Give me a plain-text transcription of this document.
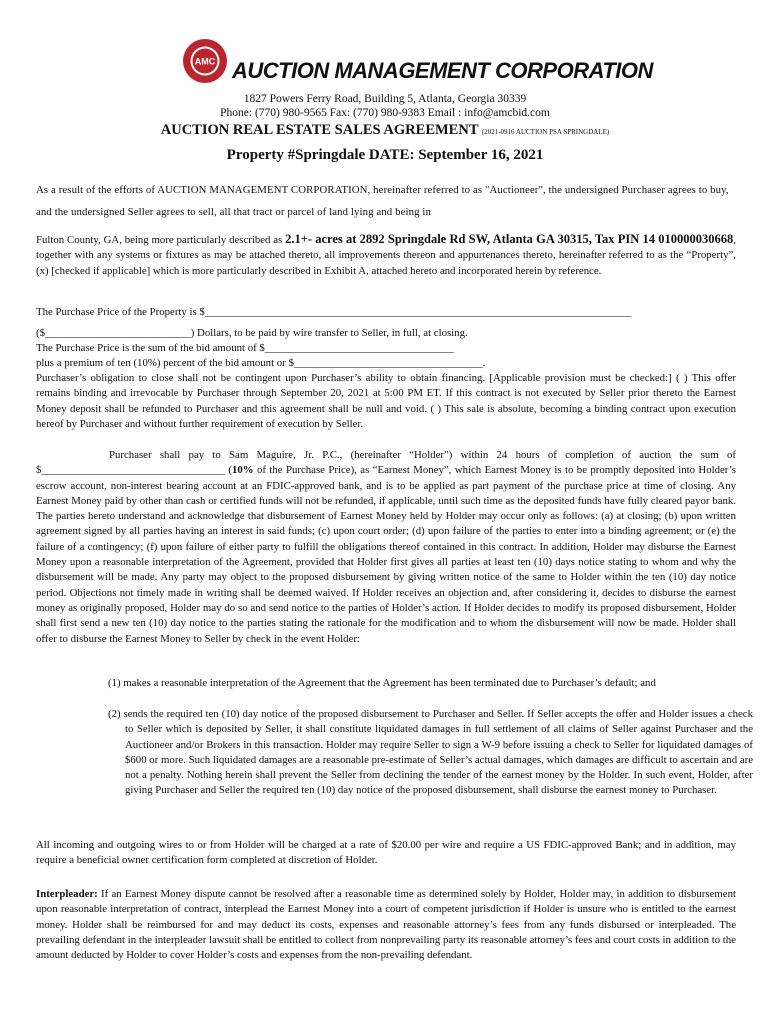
AMC AUCTION MANAGEMENT CORPORATION
1827 Powers Ferry Road, Building 5, Atlanta, Georgia 30339
Phone: (770) 980-9565 Fax: (770) 980-9383 Email : info@amcbid.com
AUCTION REAL ESTATE SALES AGREEMENT (2021-0916 AUCTION PSA SPRINGDALE)
Property #Springdale DATE: September 16, 2021

As a result of the efforts of AUCTION MANAGEMENT CORPORATION, hereinafter referred to as "Auctioneer", the undersigned Purchaser agrees to buy, and the undersigned Seller agrees to sell, all that tract or parcel of land lying and being in

Fulton County, GA, being more particularly described as 2.1+- acres at 2892 Springdale Rd SW, Atlanta GA 30315, Tax PIN 14 010000030668, together with any systems or fixtures as may be attached thereto, all improvements thereon and appurtenances thereto, hereinafter referred to as the “Property”, (x) [checked if applicable] which is more particularly described in Exhibit A, attached hereto and incorporated herein by reference.

The Purchase Price of the Property is $_______________________________________________________________________________

($___________________________) Dollars, to be paid by wire transfer to Seller, in full, at closing.

The Purchase Price is the sum of the bid amount of $___________________________________

plus a premium of ten (10%) percent of the bid amount or $___________________________________.

Purchaser’s obligation to close shall not be contingent upon Purchaser’s ability to obtain financing. [Applicable provision must be checked:] ( ) This offer remains binding and irrevocable by Purchaser through September 20, 2021 at 5:00 PM ET. If this contract is not executed by Seller prior thereto the Earnest Money deposit shall be refunded to Purchaser and this agreement shall be null and void. ( ) This sale is absolute, becoming a binding contract upon execution hereof by Purchaser and without further requirement of execution by Seller.

Purchaser shall pay to Sam Maguire, Jr. P.C., (hereinafter “Holder”) within 24 hours of completion of auction the sum of $__________________________________ (10% of the Purchase Price), as “Earnest Money”, which Earnest Money is to be promptly deposited into Holder’s escrow account, non-interest bearing account at an FDIC-approved bank, and is to be applied as part payment of the purchase price at time of closing. Any Earnest Money paid by other than cash or certified funds will not be refunded, if applicable, until such time as the deposited funds have fully cleared payor bank. The parties hereto understand and acknowledge that disbursement of Earnest Money held by Holder may occur only as follows: (a) at closing; (b) upon written agreement signed by all parties having an interest in said funds; (c) upon court order; (d) upon failure of the parties to enter into a binding agreement; or (e) the failure of a contingency; (f) upon failure of either party to fulfill the obligations thereof contained in this contract. In addition, Holder may disburse the Earnest Money upon a reasonable interpretation of the Agreement, provided that Holder first gives all parties at least ten (10) days notice stating to whom and why the disbursement will be made. Any party may object to the proposed disbursement by giving written notice of the same to Holder within the ten (10) day notice period. Objections not timely made in writing shall be deemed waived. If Holder receives an objection and, after considering it, decides to disburse the earnest money as originally proposed, Holder may do so and send notice to the parties of Holder’s action. If Holder decides to modify its proposed disbursement, Holder shall first send a new ten (10) day notice to the parties stating the rationale for the modification and to whom the disbursement will now be made. Holder shall offer to disburse the Earnest Money to Seller by check in the event Holder:

(1) makes a reasonable interpretation of the Agreement that the Agreement has been terminated due to Purchaser’s default; and

(2) sends the required ten (10) day notice of the proposed disbursement to Purchaser and Seller. If Seller accepts the offer and Holder issues a check to Seller which is deposited by Seller, it shall constitute liquidated damages in full settlement of all claims of Seller against Purchaser and the Auctioneer and/or Brokers in this transaction. Holder may require Seller to sign a W-9 before issuing a check to Seller for liquidated damages of $600 or more. Such liquidated damages are a reasonable pre-estimate of Seller’s actual damages, which damages are difficult to ascertain and are not a penalty. Nothing herein shall prevent the Seller from declining the tender of the earnest money by the Holder. In such event, Holder, after giving Purchaser and Seller the required ten (10) day notice of the proposed disbursement, shall disburse the earnest money to Purchaser.

All incoming and outgoing wires to or from Holder will be charged at a rate of $20.00 per wire and require a US FDIC-approved Bank; and in addition, may require a beneficial owner certification form completed at discretion of Holder.

Interpleader: If an Earnest Money dispute cannot be resolved after a reasonable time as determined solely by Holder, Holder may, in addition to disbursement upon reasonable interpretation of contract, interplead the Earnest Money into a court of competent jurisdiction if Holder is unsure who is entitled to the earnest money. Holder shall be reimbursed for and may deduct its costs, expenses and reasonable attorney’s fees from any funds disbursed or interpleaded. The prevailing defendant in the interpleader lawsuit shall be entitled to collect from nonprevailing party its reasonable attorney’s fees and court costs in addition to the amount deducted by Holder to cover Holder’s costs and expenses from the non-prevailing defendant.
